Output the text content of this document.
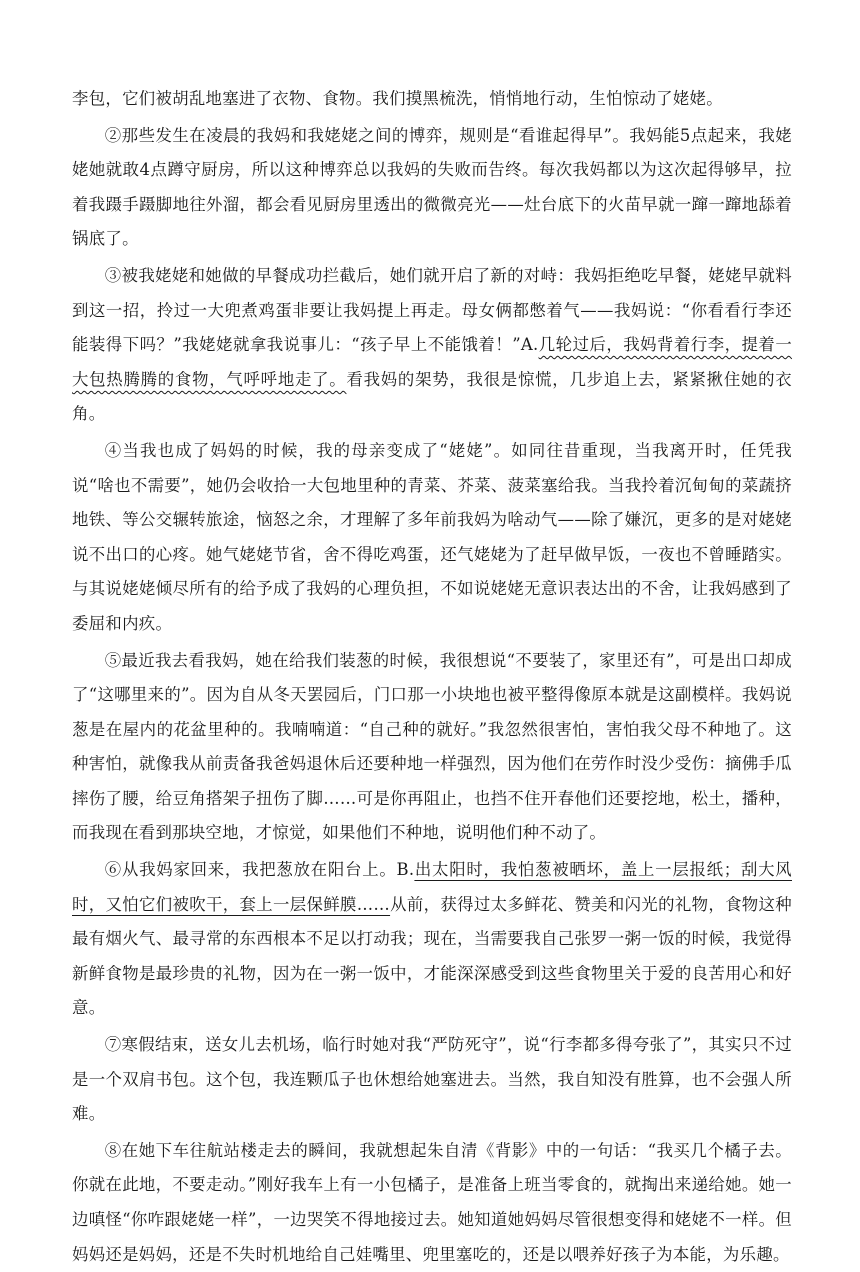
李包，它们被胡乱地塞进了衣物、食物。我们摸黑梳洗，悄悄地行动，生怕惊动了姥姥。

②那些发生在凌晨的我妈和我姥姥之间的博弈，规则是“看谁起得早”。我妈能5点起来，我姥姥她就敢4点蹲守厨房，所以这种博弈总以我妈的失败而告终。每次我妈都以为这次起得够早，拉着我蹑手蹑脚地往外溜，都会看见厨房里透出的微微亮光——灶台底下的火苗早就一蹿一蹿地舔着锅底了。

③被我姥姥和她做的早餐成功拦截后，她们就开启了新的对峙：我妈拒绝吃早餐，姥姥早就料到这一招，拎过一大兜煮鸡蛋非要让我妈提上再走。母女俩都憋着气——我妈说：“你看看行李还能装得下吗？”我姥姥就拿我说事儿：“孩子早上不能饿着！”A.几轮过后，我妈背着行李，提着一大包热腾腾的食物，气呼呼地走了。看我妈的架势，我很是惊慌，几步追上去，紧紧揪住她的衣角。

④当我也成了妈妈的时候，我的母亲变成了“姥姥”。如同往昔重现，当我离开时，任凭我说“啥也不需要”，她仍会收拾一大包地里种的青菜、芥菜、菠菜塞给我。当我拎着沉甸甸的菜蔬挤地铁、等公交辗转旅途，恼怒之余，才理解了多年前我妈为啥动气——除了嫌沉，更多的是对姥姥说不出口的心疼。她气姥姥节省，舍不得吃鸡蛋，还气姥姥为了赶早做早饭，一夜也不曾睡踏实。与其说姥姥倾尽所有的给予成了我妈的心理负担，不如说姥姥无意识表达出的不舍，让我妈感到了委屈和内疚。

⑤最近我去看我妈，她在给我们装葱的时候，我很想说“不要装了，家里还有”，可是出口却成了“这哪里来的”。因为自从冬天罢园后，门口那一小块地也被平整得像原本就是这副模样。我妈说葱是在屋内的花盆里种的。我喃喃道：“自己种的就好。”我忽然很害怕，害怕我父母不种地了。这种害怕，就像我从前责备我爸妈退休后还要种地一样强烈，因为他们在劳作时没少受伤：摘佛手瓜摔伤了腰，给豆角搭架子扭伤了脚……可是你再阻止，也挡不住开春他们还要挖地，松土，播种，而我现在看到那块空地，才惊觉，如果他们不种地，说明他们种不动了。

⑥从我妈家回来，我把葱放在阳台上。B.出太阳时，我怕葱被晒坏，盖上一层报纸；刮大风时，又怕它们被吹干，套上一层保鲜膜……从前，获得过太多鲜花、赞美和闪光的礼物，食物这种最有烟火气、最寻常的东西根本不足以打动我；现在，当需要我自己张罗一粥一饭的时候，我觉得新鲜食物是最珍贵的礼物，因为在一粥一饭中，才能深深感受到这些食物里关于爱的良苦用心和好意。

⑦寒假结束，送女儿去机场，临行时她对我“严防死守”，说“行李都多得夸张了”，其实只不过是一个双肩书包。这个包，我连颗瓜子也休想给她塞进去。当然，我自知没有胜算，也不会强人所难。

⑧在她下车往航站楼走去的瞬间，我就想起朱自清《背影》中的一句话：“我买几个橘子去。你就在此地，不要走动。”刚好我车上有一小包橘子，是准备上班当零食的，就掏出来递给她。她一边嗔怪“你咋跟姥姥一样”，一边哭笑不得地接过去。她知道她妈妈尽管很想变得和姥姥不一样。但妈妈还是妈妈，还是不失时机地给自己娃嘴里、兜里塞吃的，还是以喂养好孩子为本能，为乐趣。
